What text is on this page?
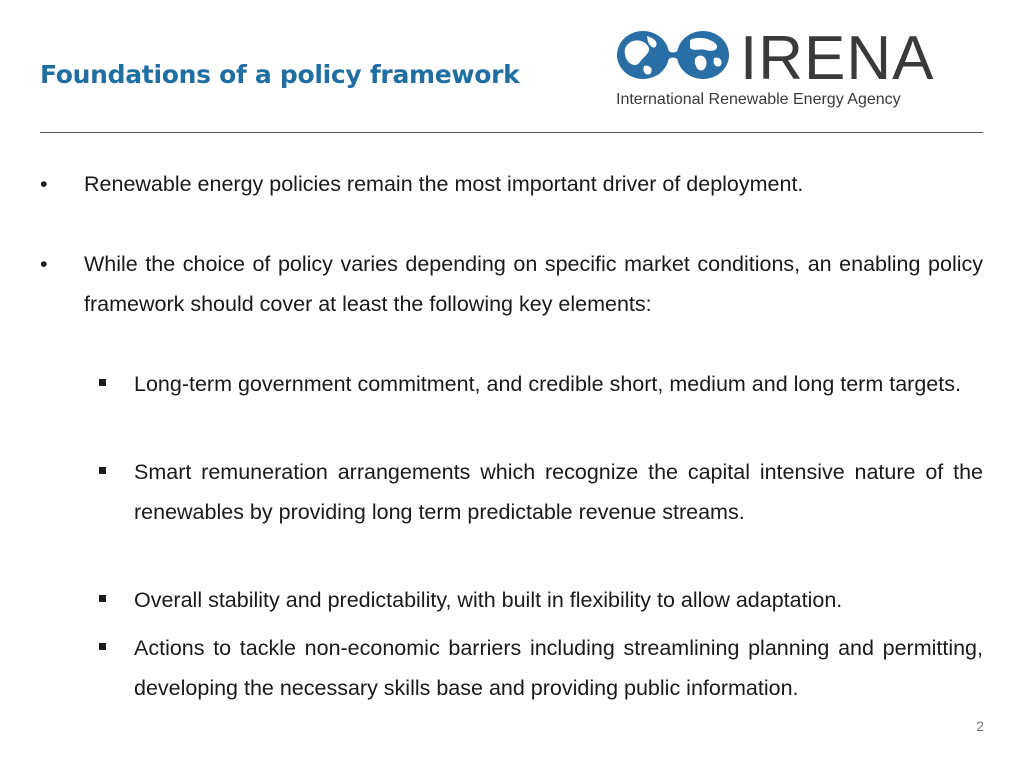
Foundations of a policy framework	IRENA
International Renewable Energy Agency
•	Renewable energy policies remain the most important driver of deployment.
•	While the choice of policy varies depending on specific market conditions, an enabling policy framework should cover at least the following key elements:
Long-term government commitment, and credible short, medium and long term targets.
Smart remuneration arrangements which recognize the capital intensive nature of the renewables by providing long term predictable revenue streams.
Overall stability and predictability, with built in flexibility to allow adaptation.
Actions to tackle non-economic barriers including streamlining planning and permitting, developing the necessary skills base and providing public information.
2
